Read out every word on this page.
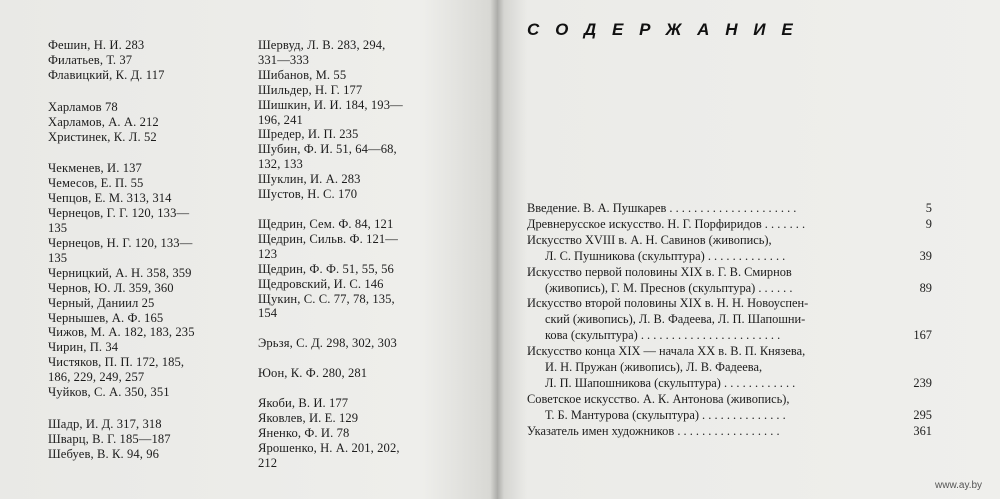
Фешин, Н. И. 283
Филатьев, Т. 37
Флавицкий, К. Д. 117
Харламов 78
Харламов, А. А. 212
Христинек, К. Л. 52
Чекменев, И. 137
Чемесов, Е. П. 55
Чепцов, Е. М. 313, 314
Чернецов, Г. Г. 120, 133—
135
Чернецов, Н. Г. 120, 133—
135
Черницкий, А. Н. 358, 359
Чернов, Ю. Л. 359, 360
Черный, Даниил 25
Чернышев, А. Ф. 165
Чижов, М. А. 182, 183, 235
Чирин, П. 34
Чистяков, П. П. 172, 185,
186, 229, 249, 257
Чуйков, С. А. 350, 351
Шадр, И. Д. 317, 318
Шварц, В. Г. 185—187
Шебуев, В. К. 94, 96
Шервуд, Л. В. 283, 294,
331—333
Шибанов, М. 55
Шильдер, Н. Г. 177
Шишкин, И. И. 184, 193—
196, 241
Шредер, И. П. 235
Шубин, Ф. И. 51, 64—68,
132, 133
Шуклин, И. А. 283
Шустов, Н. С. 170
Щедрин, Сем. Ф. 84, 121
Щедрин, Сильв. Ф. 121—
123
Щедрин, Ф. Ф. 51, 55, 56
Щедровский, И. С. 146
Щукин, С. С. 77, 78, 135,
154
Эрьзя, С. Д. 298, 302, 303
Юон, К. Ф. 280, 281
Якоби, В. И. 177
Яковлев, И. Е. 129
Яненко, Ф. И. 78
Ярошенко, Н. А. 201, 202,
212
СОДЕРЖАНИЕ
Введение. В. А. Пушкарев . . . . . . . . . . . . . . . . . . . . .	5
Древнерусское искусство. Н. Г. Порфиридов . . . . . . .	9
Искусство XVIII в. А. Н. Савинов (живопись),
Л. С. Пушникова (скульптура) . . . . . . . . . . . . .	39
Искусство первой половины XIX в. Г. В. Смирнов
(живопись), Г. М. Преснов (скульптура) . . . . . .	89
Искусство второй половины XIX в. Н. Н. Новоуспен-
ский (живопись), Л. В. Фадеева, Л. П. Шапошни-
кова (скульптура) . . . . . . . . . . . . . . . . . . . . . . .	167
Искусство конца XIX — начала XX в. В. П. Князева,
И. Н. Пружан (живопись), Л. В. Фадеева,
Л. П. Шапошникова (скульптура) . . . . . . . . . . . .	239
Советское искусство. А. К. Антонова (живопись),
Т. Б. Мантурова (скульптура) . . . . . . . . . . . . . .	295
Указатель имен художников . . . . . . . . . . . . . . . . .	361
www.ay.by
